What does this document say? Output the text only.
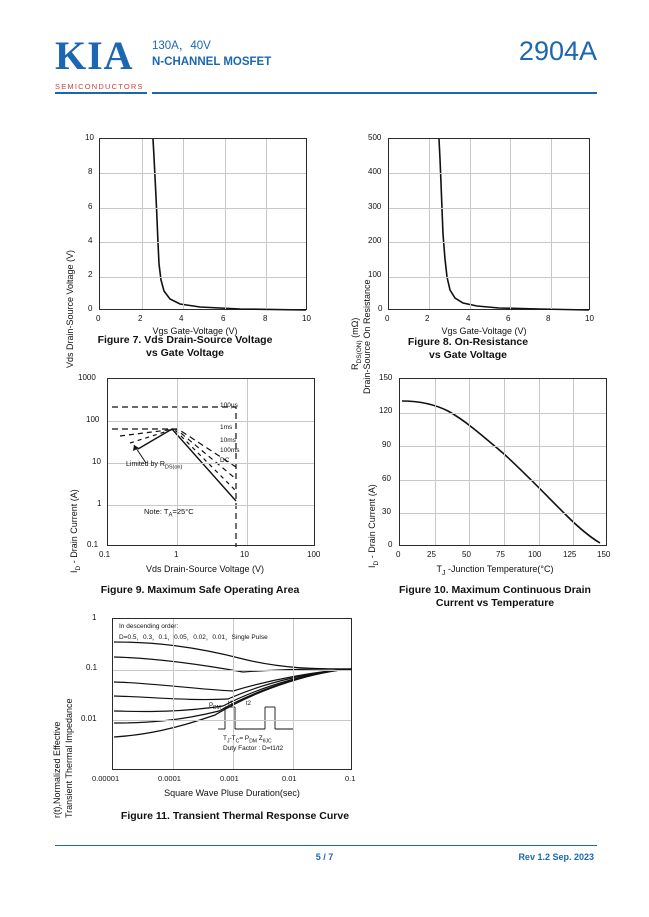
KIA
SEMICONDUCTORS
130A，40V
N-CHANNEL MOSFET	2904A
Vds Drain-Source Voltage (V)
10
8
6
4
2
0
0	2	4	6	8	10
Vgs Gate-Voltage (V)
Figure 7. Vds Drain-Source Voltage
vs Gate Voltage
$R_{DS(ON)}$ (mΩ) Drain-Source On Resistance
500
400
300
200
100
0
0	2	4	6	8	10
Vgs Gate-Voltage (V)
Figure 8. On-Resistance
vs Gate Voltage
$I_D$ - Drain Current (A)
100μs
1ms
10ms
100ms
DC
Limited by $R_{DS(on)}$
Note: $T_A=25^\circ C$
1000
100
10
1
0.1
0.1	1	10	100
Vds Drain-Source Voltage (V)
Figure 9. Maximum Safe Operating Area
$I_D$ - Drain Current (A)
150
120
90
60
30
0
0	25	50	75	100	125	150
$T_J$ -Junction Temperature(°C)
Figure 10. Maximum Continuous Drain
Current vs Temperature
r(t),Normalized Effective Transient Thermal Impedance
In descending order:
D=0.5，0.3，0.1，0.05，0.02，0.01，Single Pulse
$P_{DM}$
t1 t2
$T_J-T_C= P_{DM}$ $Z_{\theta JC}$
Duty Factor : D=t1/t2
1
0.1
0.01
0.00001	0.0001	0.001	0.01	0.1
Square Wave Pluse Duration(sec)
Figure 11. Transient Thermal Response Curve
5 / 7	Rev 1.2 Sep. 2023
